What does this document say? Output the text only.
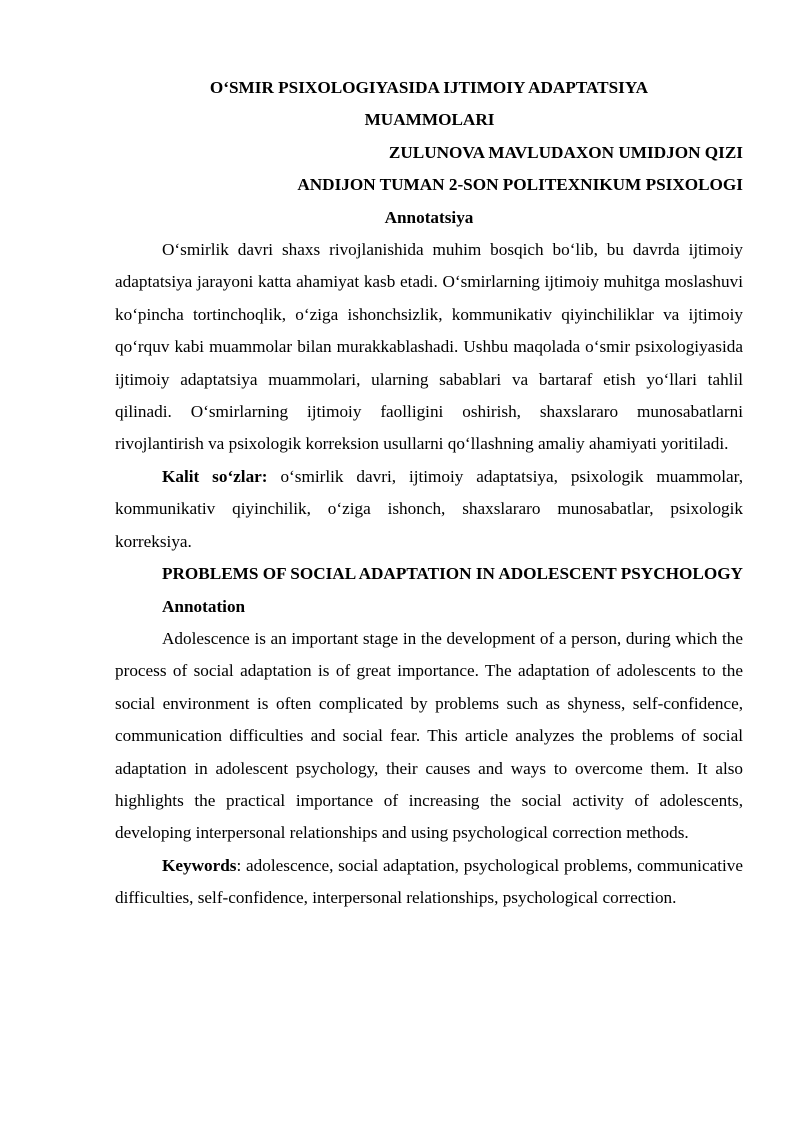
O‘SMIR PSIXOLOGIYASIDA IJTIMOIY ADAPTATSIYA

MUAMMOLARI

ZULUNOVA MAVLUDAXON UMIDJON QIZI

ANDIJON TUMAN 2-SON POLITEXNIKUM PSIXOLOGI

Annotatsiya

O‘smirlik davri shaxs rivojlanishida muhim bosqich bo‘lib, bu davrda ijtimoiy adaptatsiya jarayoni katta ahamiyat kasb etadi. O‘smirlarning ijtimoiy muhitga moslashuvi ko‘pincha tortinchoqlik, o‘ziga ishonchsizlik, kommunikativ qiyinchiliklar va ijtimoiy qo‘rquv kabi muammolar bilan murakkablashadi. Ushbu maqolada o‘smir psixologiyasida ijtimoiy adaptatsiya muammolari, ularning sabablari va bartaraf etish yo‘llari tahlil qilinadi. O‘smirlarning ijtimoiy faolligini oshirish, shaxslararo munosabatlarni rivojlantirish va psixologik korreksion usullarni qo‘llashning amaliy ahamiyati yoritiladi.

Kalit so‘zlar: o‘smirlik davri, ijtimoiy adaptatsiya, psixologik muammolar, kommunikativ qiyinchilik, o‘ziga ishonch, shaxslararo munosabatlar, psixologik korreksiya.

PROBLEMS OF SOCIAL ADAPTATION IN ADOLESCENT PSYCHOLOGY

Annotation

Adolescence is an important stage in the development of a person, during which the process of social adaptation is of great importance. The adaptation of adolescents to the social environment is often complicated by problems such as shyness, self-confidence, communication difficulties and social fear. This article analyzes the problems of social adaptation in adolescent psychology, their causes and ways to overcome them. It also highlights the practical importance of increasing the social activity of adolescents, developing interpersonal relationships and using psychological correction methods.

Keywords: adolescence, social adaptation, psychological problems, communicative difficulties, self-confidence, interpersonal relationships, psychological correction.
